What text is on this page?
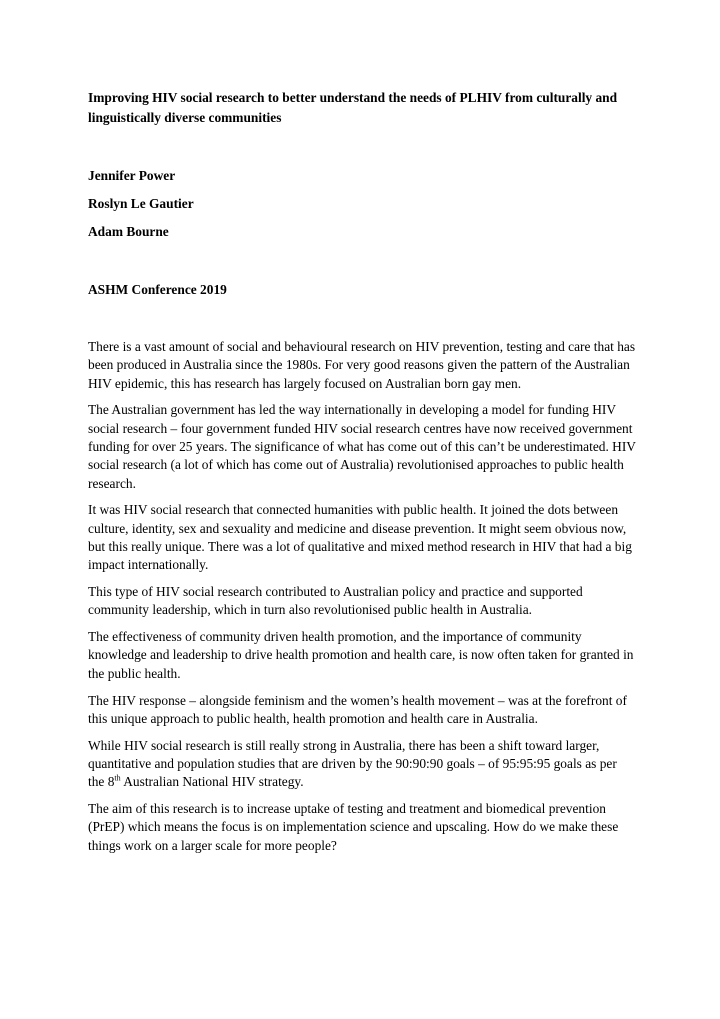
Improving HIV social research to better understand the needs of PLHIV from culturally and linguistically diverse communities

Jennifer Power

Roslyn Le Gautier

Adam Bourne

ASHM Conference 2019

There is a vast amount of social and behavioural research on HIV prevention, testing and care that has been produced in Australia since the 1980s. For very good reasons given the pattern of the Australian HIV epidemic, this has research has largely focused on Australian born gay men.

The Australian government has led the way internationally in developing a model for funding HIV social research – four government funded HIV social research centres have now received government funding for over 25 years. The significance of what has come out of this can’t be underestimated. HIV social research (a lot of which has come out of Australia) revolutionised approaches to public health research.

It was HIV social research that connected humanities with public health. It joined the dots between culture, identity, sex and sexuality and medicine and disease prevention. It might seem obvious now, but this really unique. There was a lot of qualitative and mixed method research in HIV that had a big impact internationally.

This type of HIV social research contributed to Australian policy and practice and supported community leadership, which in turn also revolutionised public health in Australia.

The effectiveness of community driven health promotion, and the importance of community knowledge and leadership to drive health promotion and health care, is now often taken for granted in the public health.

The HIV response – alongside feminism and the women’s health movement – was at the forefront of this unique approach to public health, health promotion and health care in Australia.

While HIV social research is still really strong in Australia, there has been a shift toward larger, quantitative and population studies that are driven by the 90:90:90 goals – of 95:95:95 goals as per the 8th Australian National HIV strategy.

The aim of this research is to increase uptake of testing and treatment and biomedical prevention (PrEP) which means the focus is on implementation science and upscaling. How do we make these things work on a larger scale for more people?
